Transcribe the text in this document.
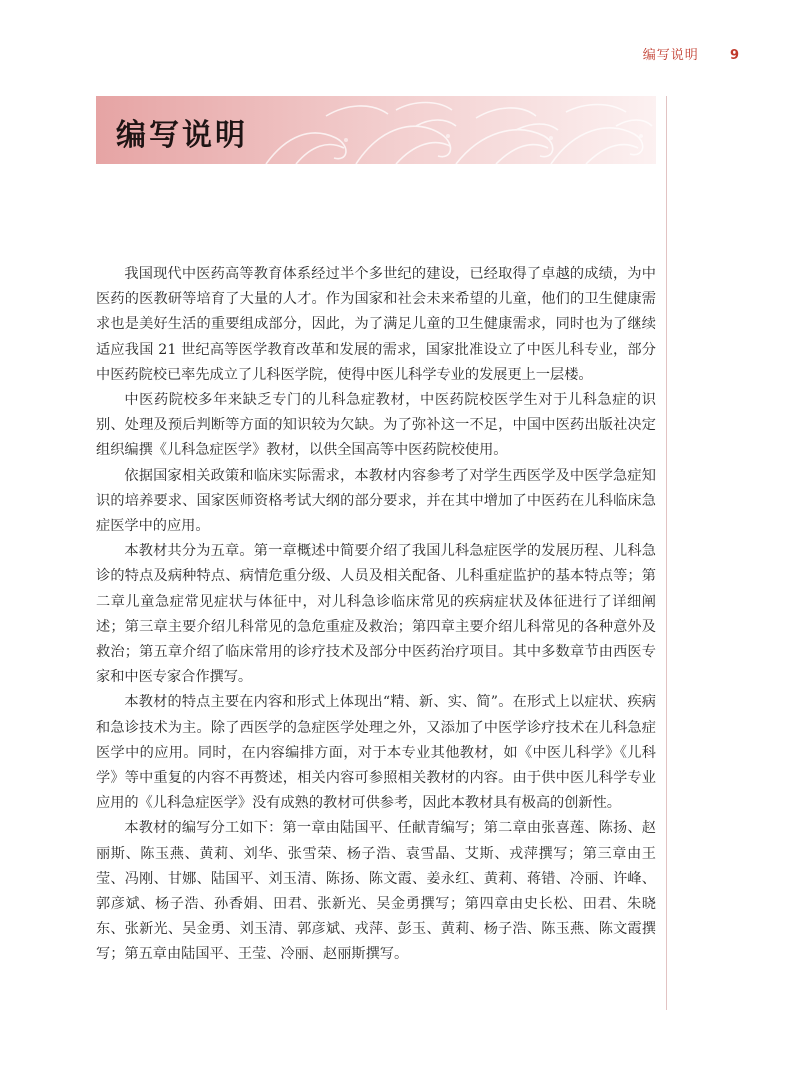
编写说明 9
编写说明

我国现代中医药高等教育体系经过半个多世纪的建设，已经取得了卓越的成绩，为中医药的医教研等培育了大量的人才。作为国家和社会未来希望的儿童，他们的卫生健康需求也是美好生活的重要组成部分，因此，为了满足儿童的卫生健康需求，同时也为了继续适应我国 21 世纪高等医学教育改革和发展的需求，国家批准设立了中医儿科专业，部分中医药院校已率先成立了儿科医学院，使得中医儿科学专业的发展更上一层楼。

中医药院校多年来缺乏专门的儿科急症教材，中医药院校医学生对于儿科急症的识别、处理及预后判断等方面的知识较为欠缺。为了弥补这一不足，中国中医药出版社决定组织编撰《儿科急症医学》教材，以供全国高等中医药院校使用。

依据国家相关政策和临床实际需求，本教材内容参考了对学生西医学及中医学急症知识的培养要求、国家医师资格考试大纲的部分要求，并在其中增加了中医药在儿科临床急症医学中的应用。

本教材共分为五章。第一章概述中简要介绍了我国儿科急症医学的发展历程、儿科急诊的特点及病种特点、病情危重分级、人员及相关配备、儿科重症监护的基本特点等；第二章儿童急症常见症状与体征中，对儿科急诊临床常见的疾病症状及体征进行了详细阐述；第三章主要介绍儿科常见的急危重症及救治；第四章主要介绍儿科常见的各种意外及救治；第五章介绍了临床常用的诊疗技术及部分中医药治疗项目。其中多数章节由西医专家和中医专家合作撰写。

本教材的特点主要在内容和形式上体现出“精、新、实、简”。在形式上以症状、疾病和急诊技术为主。除了西医学的急症医学处理之外，又添加了中医学诊疗技术在儿科急症医学中的应用。同时，在内容编排方面，对于本专业其他教材，如《中医儿科学》《儿科学》等中重复的内容不再赘述，相关内容可参照相关教材的内容。由于供中医儿科学专业应用的《儿科急症医学》没有成熟的教材可供参考，因此本教材具有极高的创新性。

本教材的编写分工如下：第一章由陆国平、任献青编写；第二章由张喜莲、陈扬、赵丽斯、陈玉燕、黄莉、刘华、张雪荣、杨子浩、袁雪晶、艾斯、戎萍撰写；第三章由王莹、冯刚、甘娜、陆国平、刘玉清、陈扬、陈文霞、姜永红、黄莉、蒋错、冷丽、许峰、郭彦斌、杨子浩、孙香娟、田君、张新光、吴金勇撰写；第四章由史长松、田君、朱晓东、张新光、吴金勇、刘玉清、郭彦斌、戎萍、彭玉、黄莉、杨子浩、陈玉燕、陈文霞撰写；第五章由陆国平、王莹、冷丽、赵丽斯撰写。
